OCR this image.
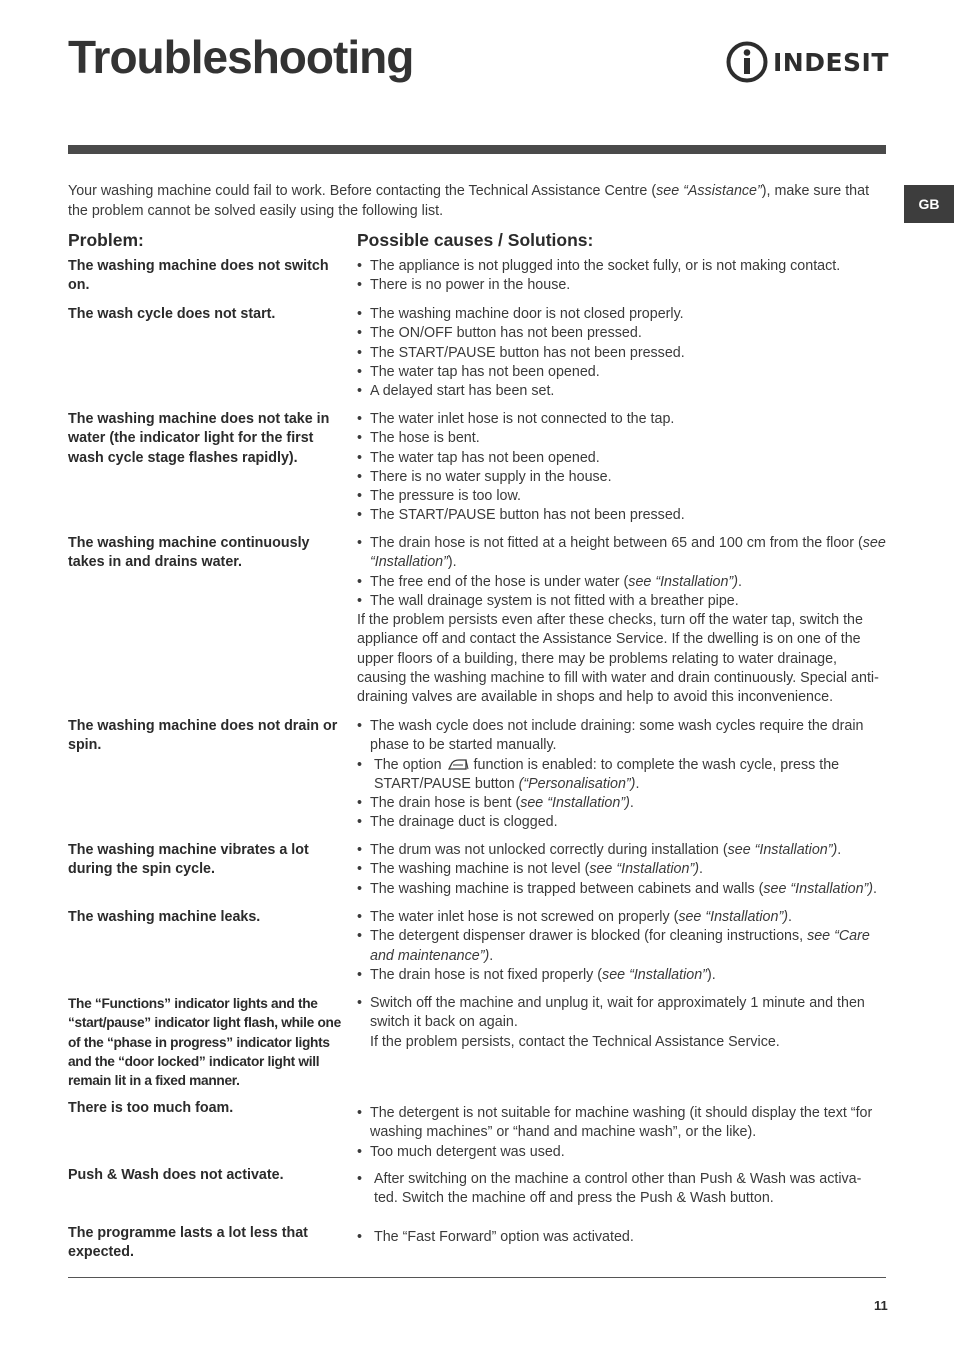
Troubleshooting	INDESIT
GB
Your washing machine could fail to work. Before contacting the Technical Assistance Centre (see “Assistance”), make sure that the problem cannot be solved easily using the following list.
Problem:	Possible causes / Solutions:
The washing machine does not switch on.
• The appliance is not plugged into the socket fully, or is not making contact.
• There is no power in the house.
The wash cycle does not start.	• The washing machine door is not closed properly.
• The ON/OFF button has not been pressed.
• The START/PAUSE button has not been pressed.
• The water tap has not been opened.
• A delayed start has been set.
The washing machine does not take in water (the indicator light for the first wash cycle stage flashes rapidly).
• The water inlet hose is not connected to the tap.
• The hose is bent.
• The water tap has not been opened.
• There is no water supply in the house.
• The pressure is too low.
• The START/PAUSE button has not been pressed.
The washing machine continuously takes in and drains water.
• The drain hose is not fitted at a height between 65 and 100 cm from the floor (see “Installation”).
• The free end of the hose is under water (see “Installation”).
• The wall drainage system is not fitted with a breather pipe.
If the problem persists even after these checks, turn off the water tap, switch the appliance off and contact the Assistance Service. If the dwelling is on one of the upper floors of a building, there may be problems relating to water drainage, causing the washing machine to fill with water and drain continuously. Special anti-draining valves are available in shops and help to avoid this inconvenience.
The washing machine does not drain or spin.
• The wash cycle does not include draining: some wash cycles require the drain phase to be started manually.
• The option function is enabled: to complete the wash cycle, press the START/PAUSE button (“Personalisation”).
• The drain hose is bent (see “Installation”).
• The drainage duct is clogged.
The washing machine vibrates a lot during the spin cycle.
• The drum was not unlocked correctly during installation (see “Installation”).
• The washing machine is not level (see “Installation”).
• The washing machine is trapped between cabinets and walls (see “Installation”).
The washing machine leaks.	• The water inlet hose is not screwed on properly (see “Installation”).
• The detergent dispenser drawer is blocked (for cleaning instructions, see “Care and maintenance”).
• The drain hose is not fixed properly (see “Installation”).
The “Functions” indicator lights and the “start/pause” indicator light flash, while one of the “phase in progress” indicator lights and the “door locked” indicator light will remain lit in a fixed manner.
• Switch off the machine and unplug it, wait for approximately 1 minute and then switch it back on again.
If the problem persists, contact the Technical Assistance Service.
There is too much foam.	• The detergent is not suitable for machine washing (it should display the text “for washing machines” or “hand and machine wash”, or the like).
• Too much detergent was used.
Push & Wash does not activate.	• After switching on the machine a control other than Push & Wash was activa- ted. Switch the machine off and press the Push & Wash button.
The programme lasts a lot less that expected.
• The “Fast Forward” option was activated.
11
